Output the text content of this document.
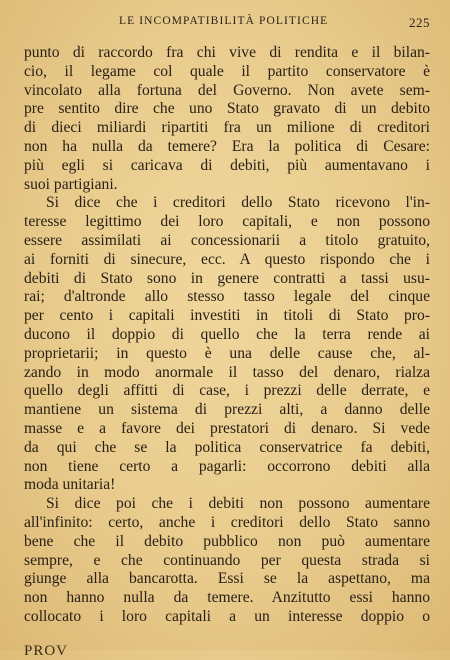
LE INCOMPATIBILITÀ POLITICHE	225
punto di raccordo fra chi vive di rendita e il bilan-
cio, il legame col quale il partito conservatore è
vincolato alla fortuna del Governo. Non avete sem-
pre sentito dire che uno Stato gravato di un debito
di dieci miliardi ripartiti fra un milione di creditori
non ha nulla da temere? Era la politica di Cesare:
più egli si caricava di debiti, più aumentavano i
suoi partigiani.
Si dice che i creditori dello Stato ricevono l'in-
teresse legittimo dei loro capitali, e non possono
essere assimilati ai concessionarii a titolo gratuito,
ai forniti di sinecure, ecc. A questo rispondo che i
debiti di Stato sono in genere contratti a tassi usu-
rai; d'altronde allo stesso tasso legale del cinque
per cento i capitali investiti in titoli di Stato pro-
ducono il doppio di quello che la terra rende ai
proprietarii; in questo è una delle cause che, al-
zando in modo anormale il tasso del denaro, rialza
quello degli affitti di case, i prezzi delle derrate, e
mantiene un sistema di prezzi alti, a danno delle
masse e a favore dei prestatori di denaro. Si vede
da qui che se la politica conservatrice fa debiti,
non tiene certo a pagarli: occorrono debiti alla
moda unitaria!
Si dice poi che i debiti non possono aumentare
all'infinito: certo, anche i creditori dello Stato sanno
bene che il debito pubblico non può aumentare
sempre, e che continuando per questa strada si
giunge alla bancarotta. Essi se la aspettano, ma
non hanno nulla da temere. Anzitutto essi hanno
collocato i loro capitali a un interesse doppio o
PROV
